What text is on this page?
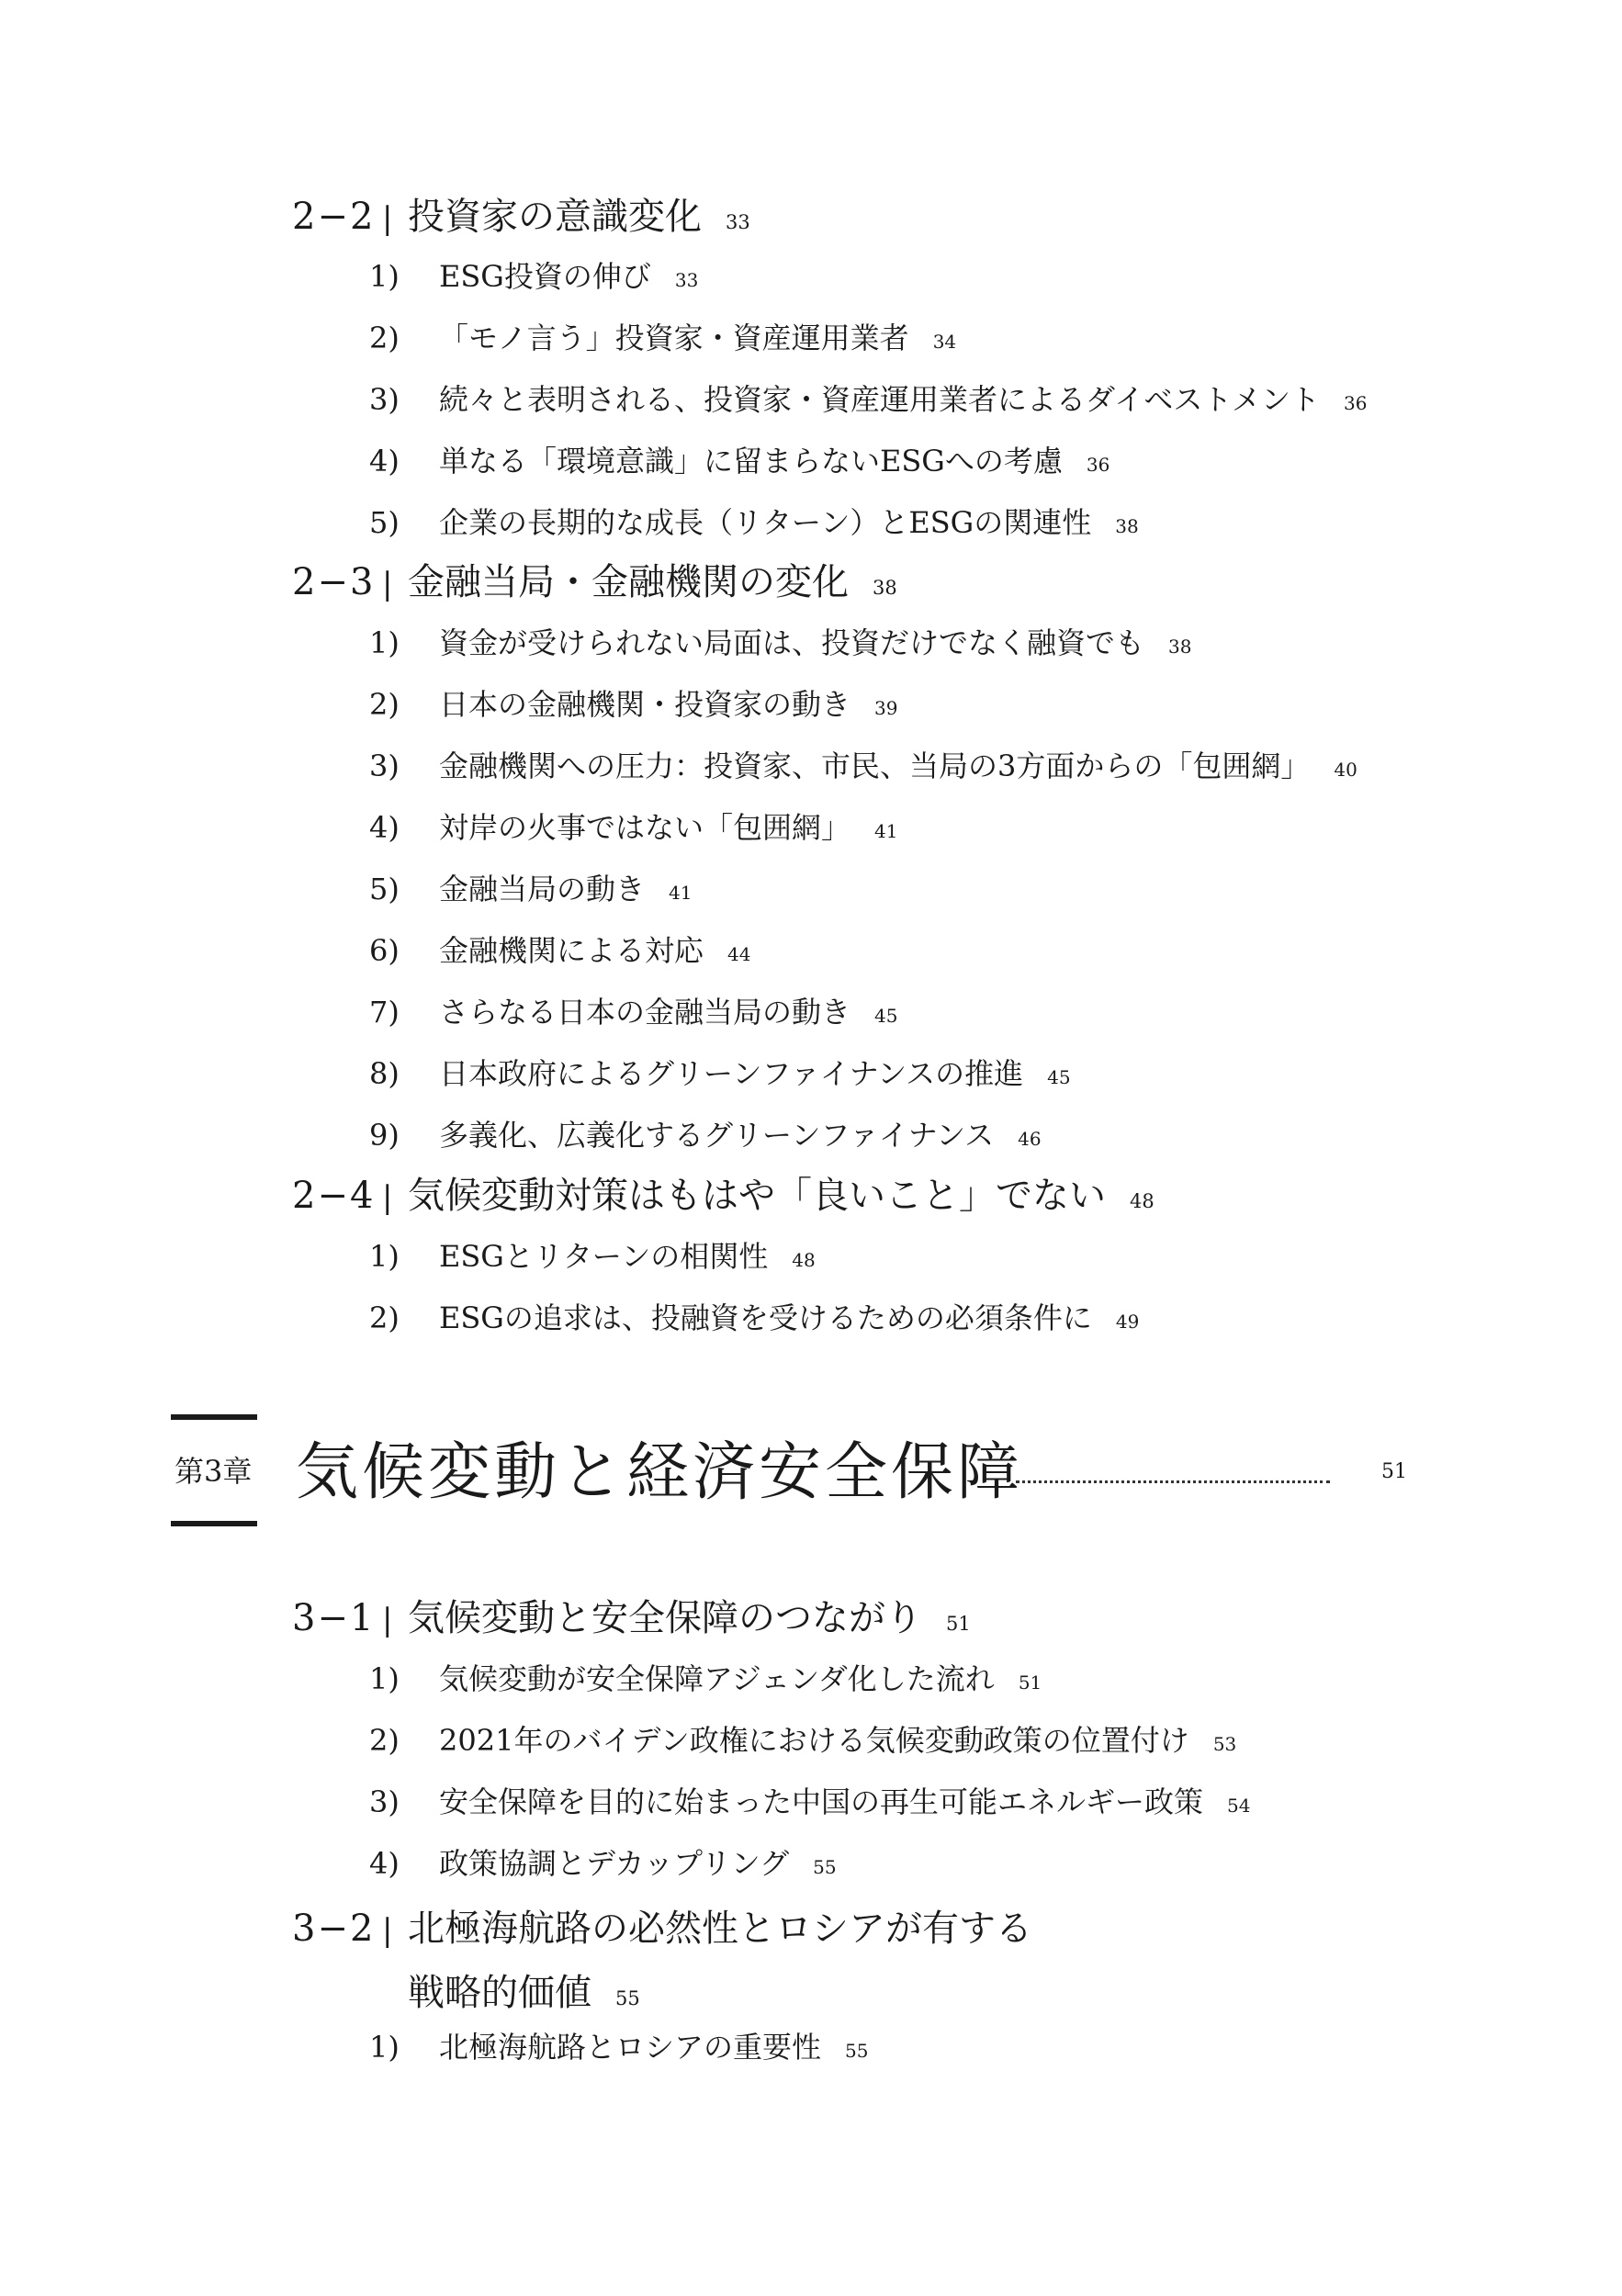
2−2 | 投資家の意識変化 33
1) ESG投資の伸び 33
2) 「モノ言う」投資家・資産運用業者 34
3) 続々と表明される、投資家・資産運用業者によるダイベストメント 36
4) 単なる「環境意識」に留まらないESGへの考慮 36
5) 企業の長期的な成長（リターン）とESGの関連性 38
2−3 | 金融当局・金融機関の変化 38
1) 資金が受けられない局面は、投資だけでなく融資でも 38
2) 日本の金融機関・投資家の動き 39
3) 金融機関への圧力：投資家、市民、当局の3方面からの「包囲網」 40
4) 対岸の火事ではない「包囲網」 41
5) 金融当局の動き 41
6) 金融機関による対応 44
7) さらなる日本の金融当局の動き 45
8) 日本政府によるグリーンファイナンスの推進 45
9) 多義化、広義化するグリーンファイナンス 46
2−4 | 気候変動対策はもはや「良いこと」でない 48
1) ESGとリターンの相関性 48
2) ESGの追求は、投融資を受けるための必須条件に 49
第3章 気候変動と経済安全保障	51
3−1 | 気候変動と安全保障のつながり 51
1) 気候変動が安全保障アジェンダ化した流れ 51
2) 2021年のバイデン政権における気候変動政策の位置付け 53
3) 安全保障を目的に始まった中国の再生可能エネルギー政策 54
4) 政策協調とデカップリング 55
3−2 | 北極海航路の必然性とロシアが有する
戦略的価値 55
1) 北極海航路とロシアの重要性 55
